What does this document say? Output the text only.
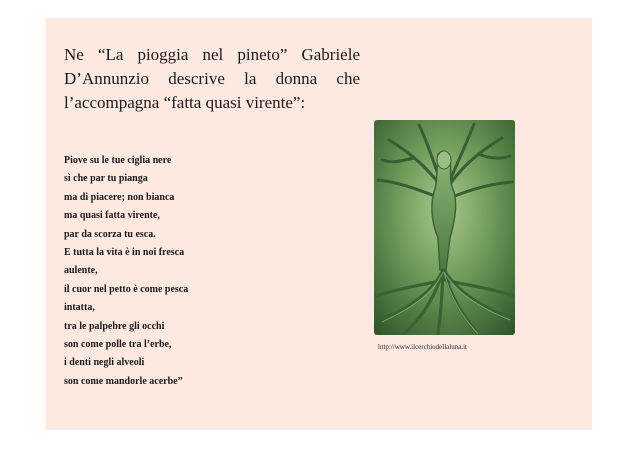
Ne “La pioggia nel pineto” Gabriele D’Annunzio descrive la donna che l’accompagna “fatta quasi virente”:
Piove su le tue ciglia nere
sì che par tu pianga
ma di piacere; non bianca
ma quasi fatta virente,
par da scorza tu esca.
E tutta la vita è in noi fresca
aulente,
il cuor nel petto è come pesca
intatta,
tra le palpebre gli occhi
son come polle tra l’erbe,
i denti negli alveoli
son come mandorle acerbe”
http://www.ilcerchiodellaluna.it
